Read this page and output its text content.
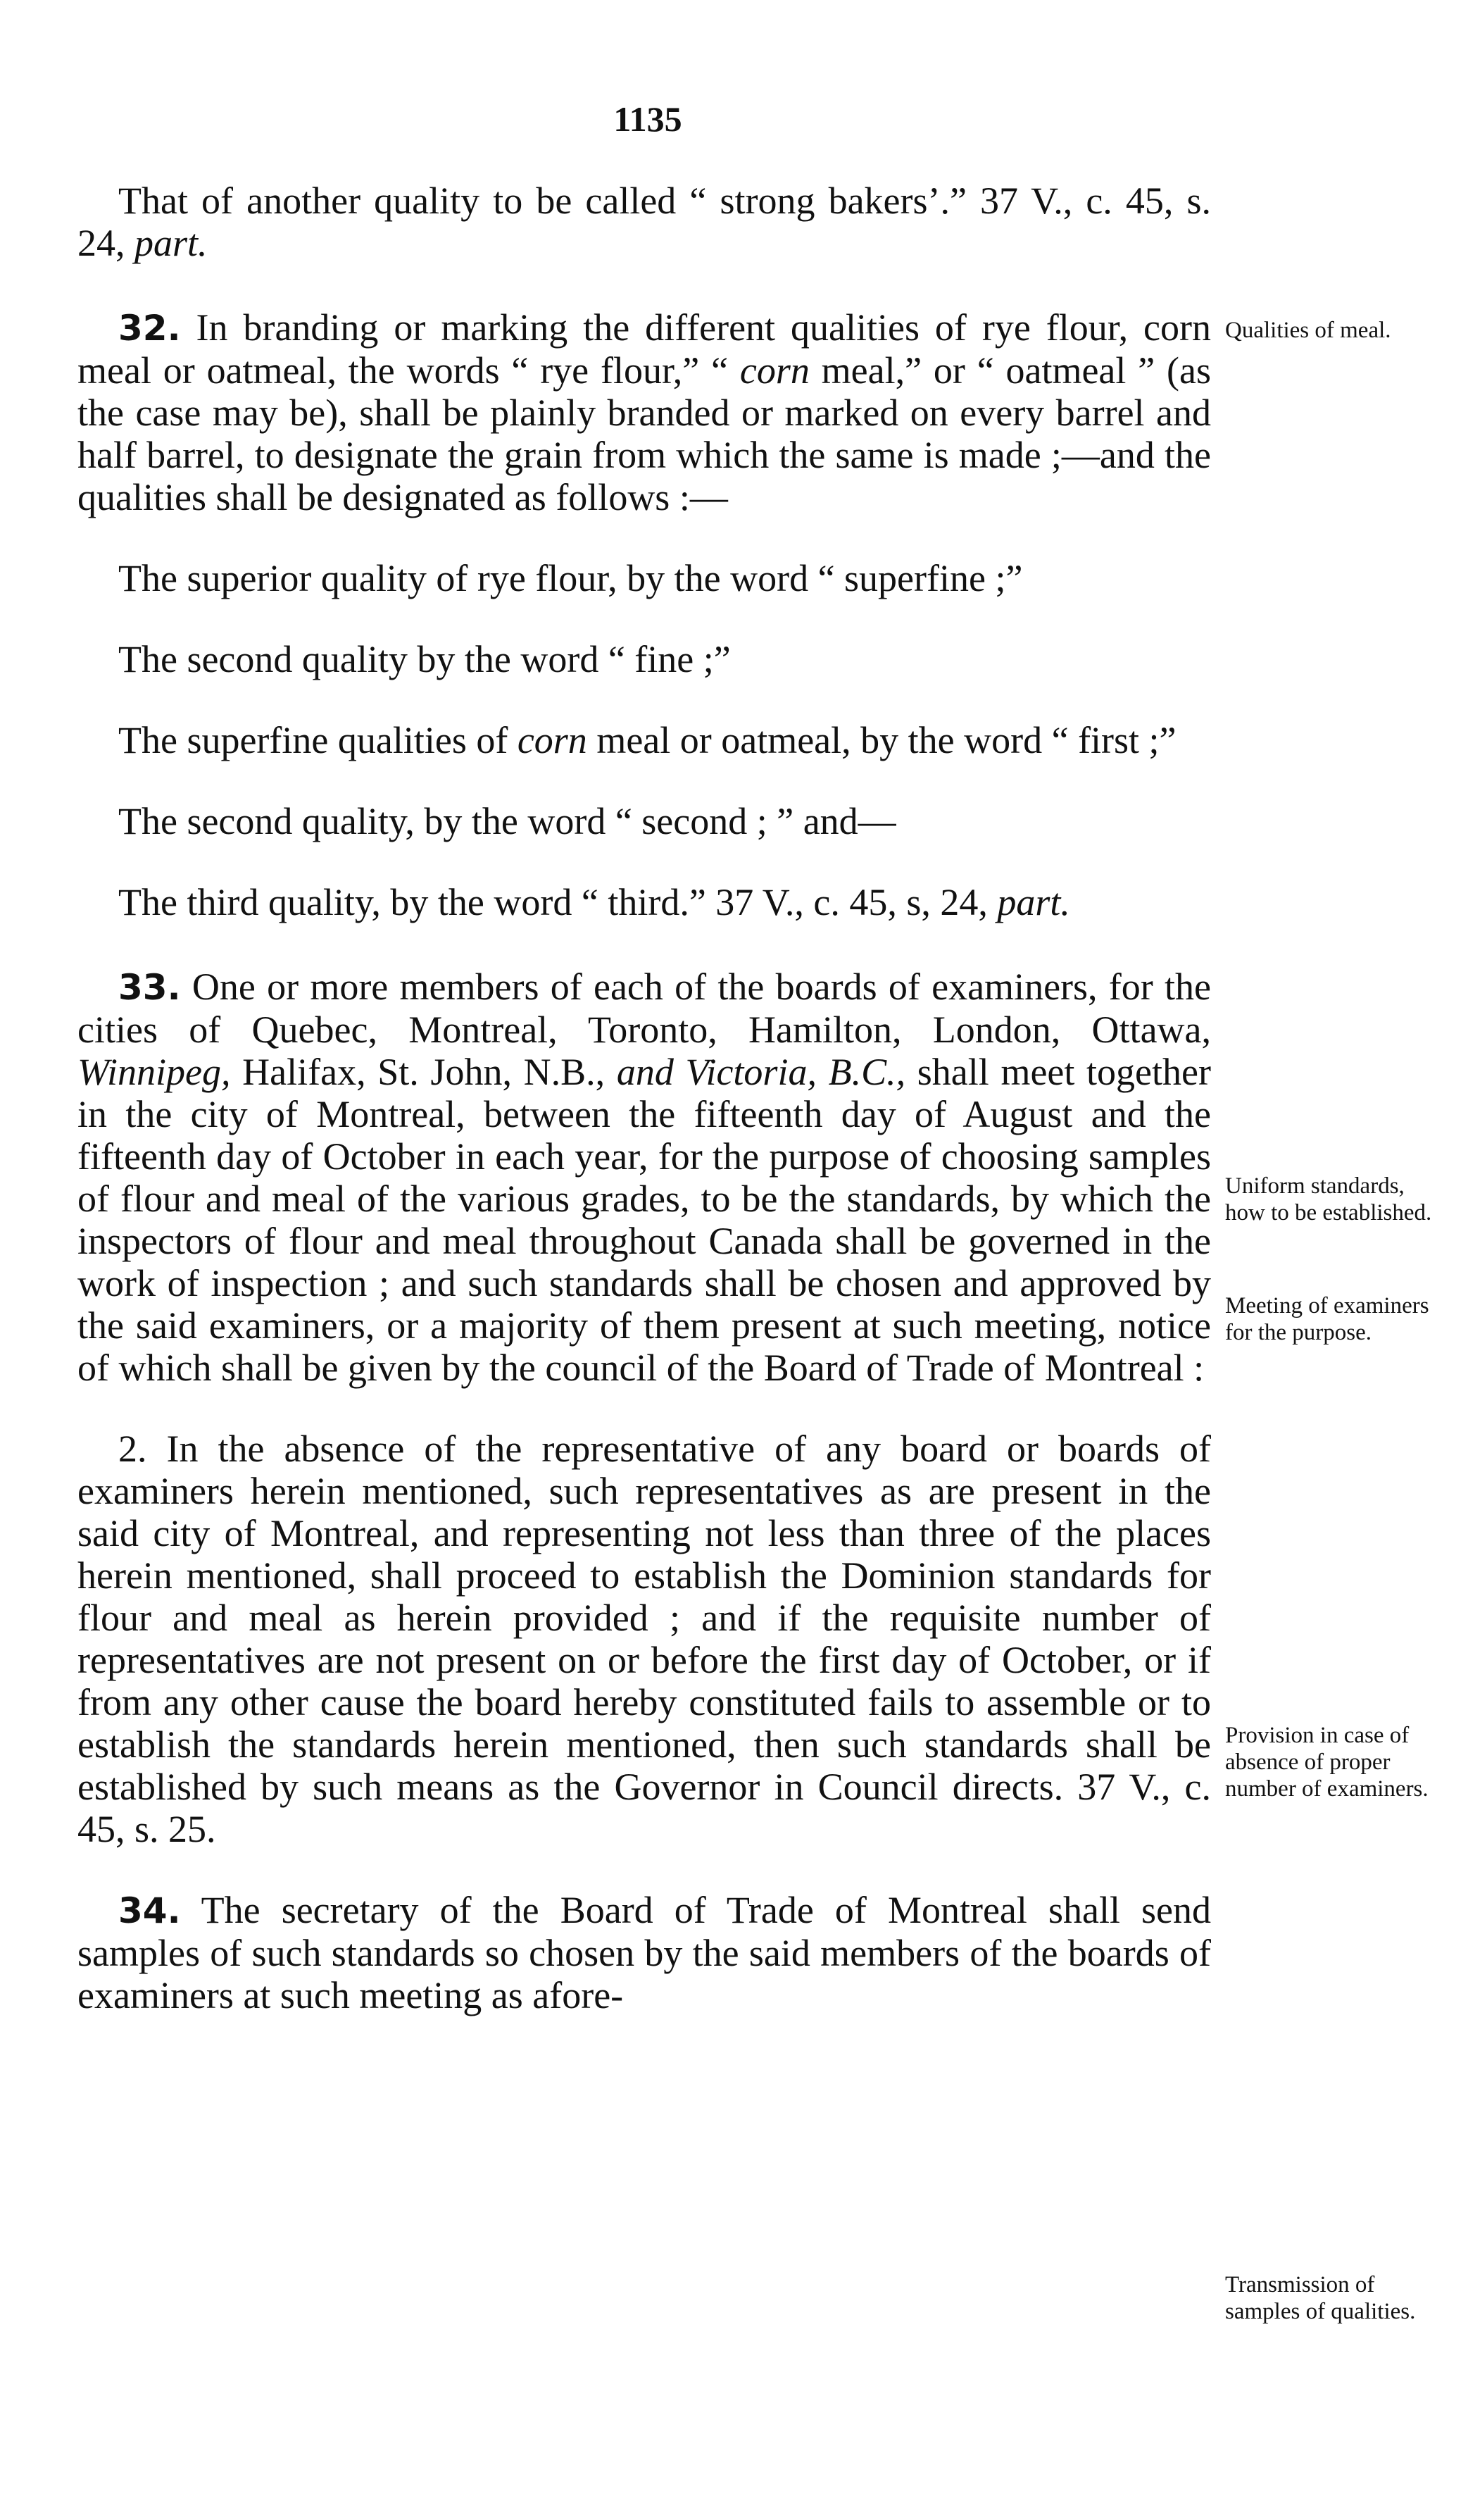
1135

That of another quality to be called “ strong bakers’.” 37 V., c. 45, s. 24, part.

32. In branding or marking the different qualities of rye flour, corn meal or oatmeal, the words “ rye flour,” “ corn meal,” or “ oatmeal ” (as the case may be), shall be plainly branded or marked on every barrel and half barrel, to designate the grain from which the same is made ;—and the qualities shall be designated as follows :—

The superior quality of rye flour, by the word “ superfine ;”

The second quality by the word “ fine ;”

The superfine qualities of corn meal or oatmeal, by the word “ first ;”

The second quality, by the word “ second ; ” and—

The third quality, by the word “ third.” 37 V., c. 45, s, 24, part.

33. One or more members of each of the boards of examiners, for the cities of Quebec, Montreal, Toronto, Hamilton, London, Ottawa, Winnipeg, Halifax, St. John, N.B., and Victoria, B.C., shall meet together in the city of Montreal, between the fifteenth day of August and the fifteenth day of October in each year, for the purpose of choosing samples of flour and meal of the various grades, to be the standards, by which the inspectors of flour and meal throughout Canada shall be governed in the work of inspection ; and such standards shall be chosen and approved by the said examiners, or a majority of them present at such meeting, notice of which shall be given by the council of the Board of Trade of Montreal :

2. In the absence of the representative of any board or boards of examiners herein mentioned, such representatives as are present in the said city of Montreal, and representing not less than three of the places herein mentioned, shall proceed to establish the Dominion standards for flour and meal as herein provided ; and if the requisite number of representatives are not present on or before the first day of October, or if from any other cause the board hereby constituted fails to assemble or to establish the standards herein mentioned, then such standards shall be established by such means as the Governor in Council directs. 37 V., c. 45, s. 25.

34. The secretary of the Board of Trade of Montreal shall send samples of such standards so chosen by the said members of the boards of examiners at such meeting as afore-

Qualities of meal.
Uniform standards, how to be established.
Meeting of examiners for the purpose.
Provision in case of absence of proper number of examiners.
Transmission of samples of qualities.
